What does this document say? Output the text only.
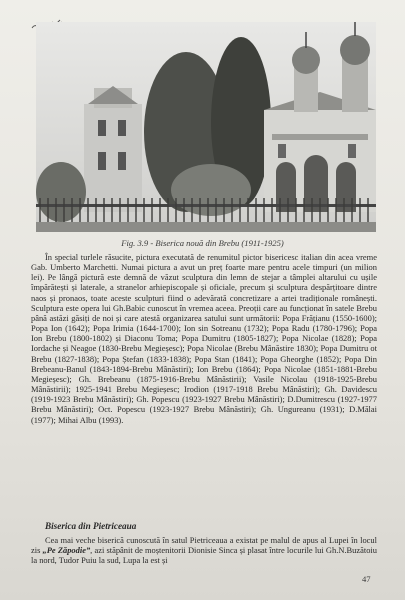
Fig. 3.9 - Biserica nouă din Brebu (1911-1925)

În special turlele răsucite, pictura executată de renumitul pictor bisericesc italian din acea vreme Gab. Umberto Marchetti. Numai pictura a avut un preț foarte mare pentru acele timpuri (un milion lei). Pe lângă pictură este demnă de văzut sculptura din lemn de stejar a tâmplei altarului cu ușile împărătești și laterale, a stranelor arhiepiscopale și oficiale, precum și sculptura despărțitoare dintre naos și pronaos, toate aceste sculpturi fiind o adevărată concretizare a artei tradiționale românești. Sculptura este opera lui Gh.Babic cunoscut în vremea aceea. Preoții care au funcționat în satele Brebu până astăzi găsiți de noi și care atestă organizarea satului sunt următorii: Popa Frățianu (1550-1600); Popa Ion (1642); Popa Irimia (1644-1700); Ion sin Sotreanu (1732); Popa Radu (1780-1796); Popa Ion Brebu (1800-1802) și Diaconu Toma; Popa Dumitru (1805-1827); Popa Nicolae (1828); Popa Iordache și Neagoe (1830-Brebu Megieșesc); Popa Nicolae (Brebu Mânăstire 1830); Popa Dumitru ot Brebu (1827-1838); Popa Ștefan (1833-1838); Popa Stan (1841); Popa Gheorghe (1852); Popa Din Brebeanu-Banul (1843-1894-Brebu Mânăstiri); Ion Brebu (1864); Popa Nicolae (1851-1881-Brebu Megieșesc); Gh. Brebeanu (1875-1916-Brebu Mânăstirii); Vasile Nicolau (1918-1925-Brebu Mânăstirii); 1925-1941 Brebu Megieșesc; Irodion (1917-1918 Brebu Mânăstiri); Gh. Davidescu (1919-1923 Brebu Mânăstiri); Gh. Popescu (1923-1927 Brebu Mânăstiri); D.Dumitrescu (1927-1977 Brebu Mânăstiri); Oct. Popescu (1923-1927 Brebu Mânăstiri); Gh. Ungureanu (1931); D.Mălai (1977); Mihai Albu (1993).

Biserica din Pietriceaua

Cea mai veche biserică cunoscută în satul Pietriceaua a existat pe malul de apus al Lupei în locul zis „Pe Zăpodie”, azi stăpânit de moștenitorii Dionisie Sinca și plasat între locurile lui Gh.N.Buzătoiu la nord, Tudor Puiu la sud, Lupa la est și

47
